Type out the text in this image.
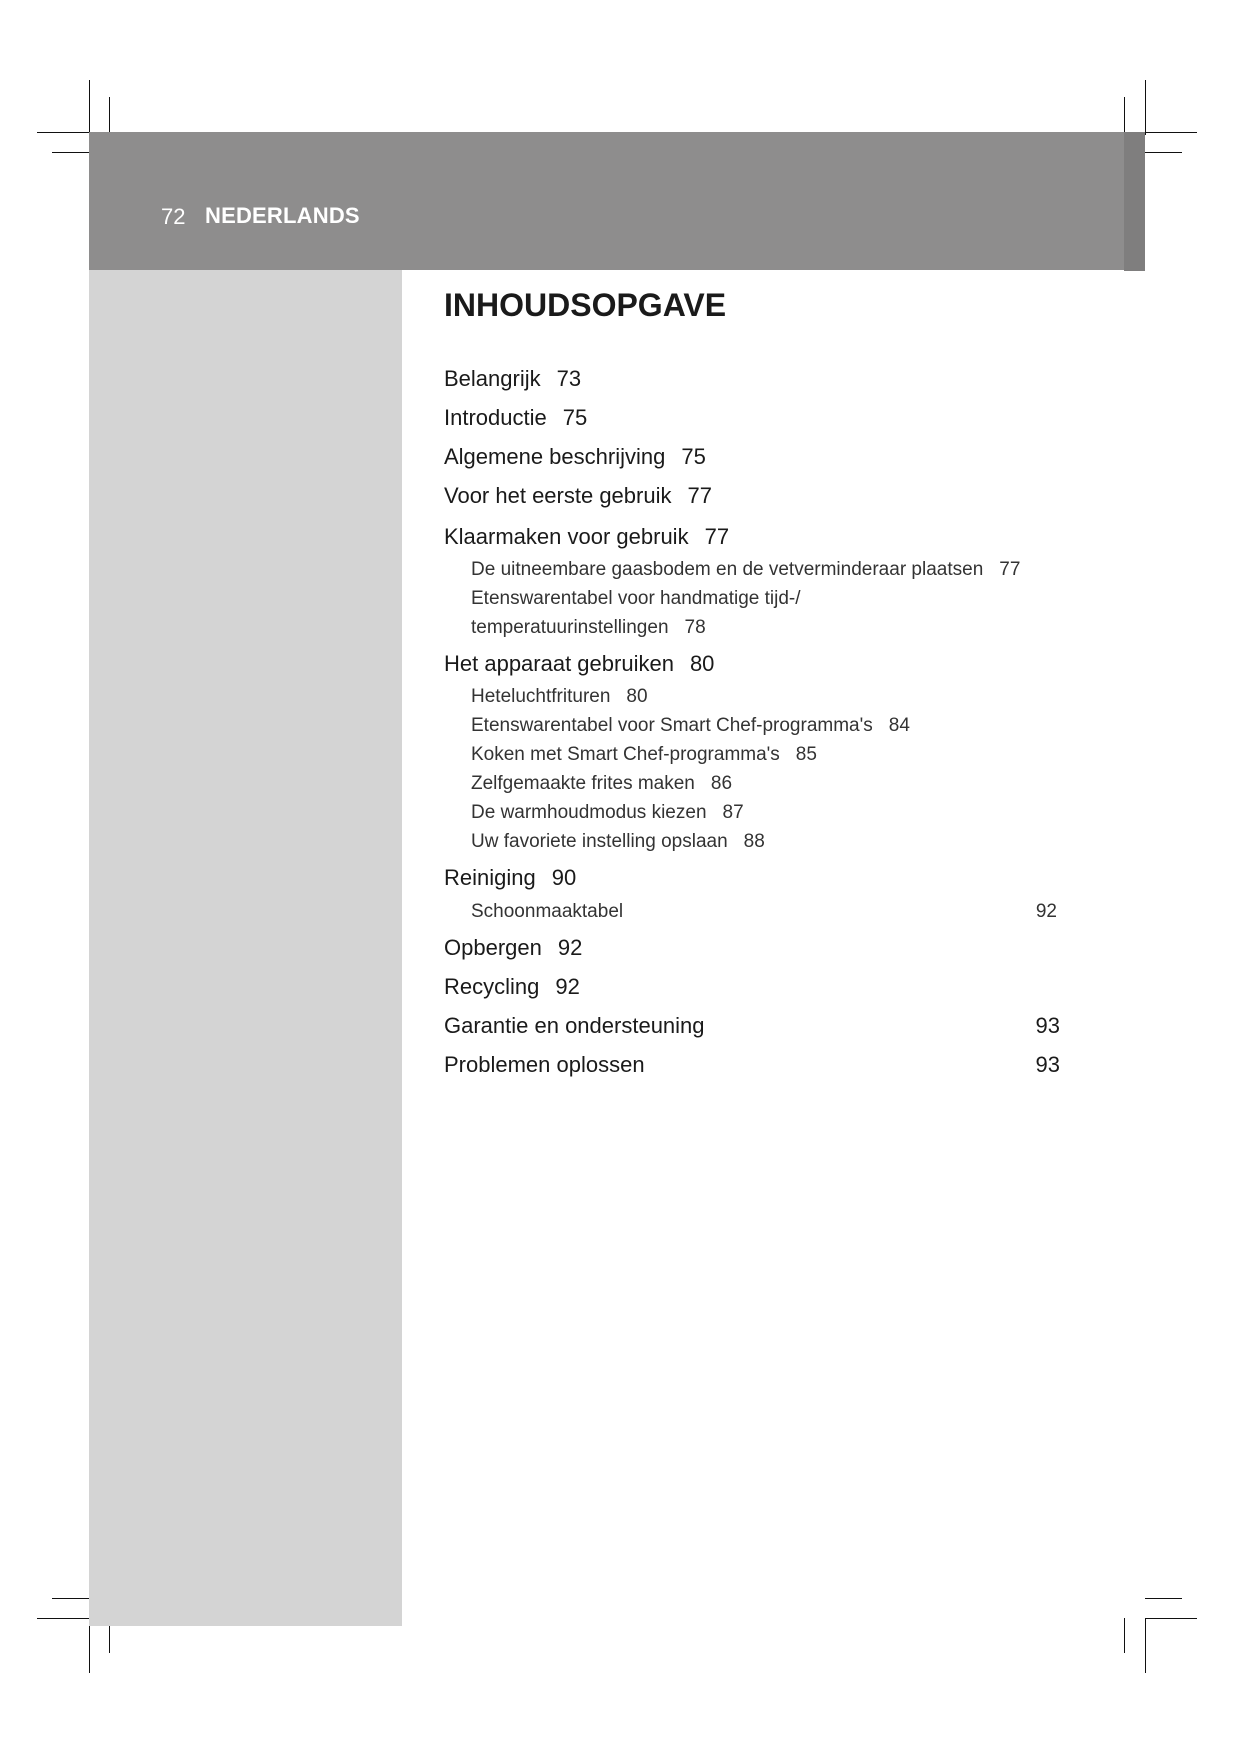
72 NEDERLANDS
INHOUDSOPGAVE
Belangrijk 73
Introductie 75
Algemene beschrijving 75
Voor het eerste gebruik 77
Klaarmaken voor gebruik 77
De uitneembare gaasbodem en de vetverminderaar plaatsen 77
Etenswarentabel voor handmatige tijd-/
temperatuurinstellingen 78
Het apparaat gebruiken 80
Heteluchtfrituren 80
Etenswarentabel voor Smart Chef-programma's 84
Koken met Smart Chef-programma's 85
Zelfgemaakte frites maken 86
De warmhoudmodus kiezen 87
Uw favoriete instelling opslaan 88
Reiniging 90
Schoonmaaktabel	92
Opbergen 92
Recycling 92
Garantie en ondersteuning	93
Problemen oplossen	93
